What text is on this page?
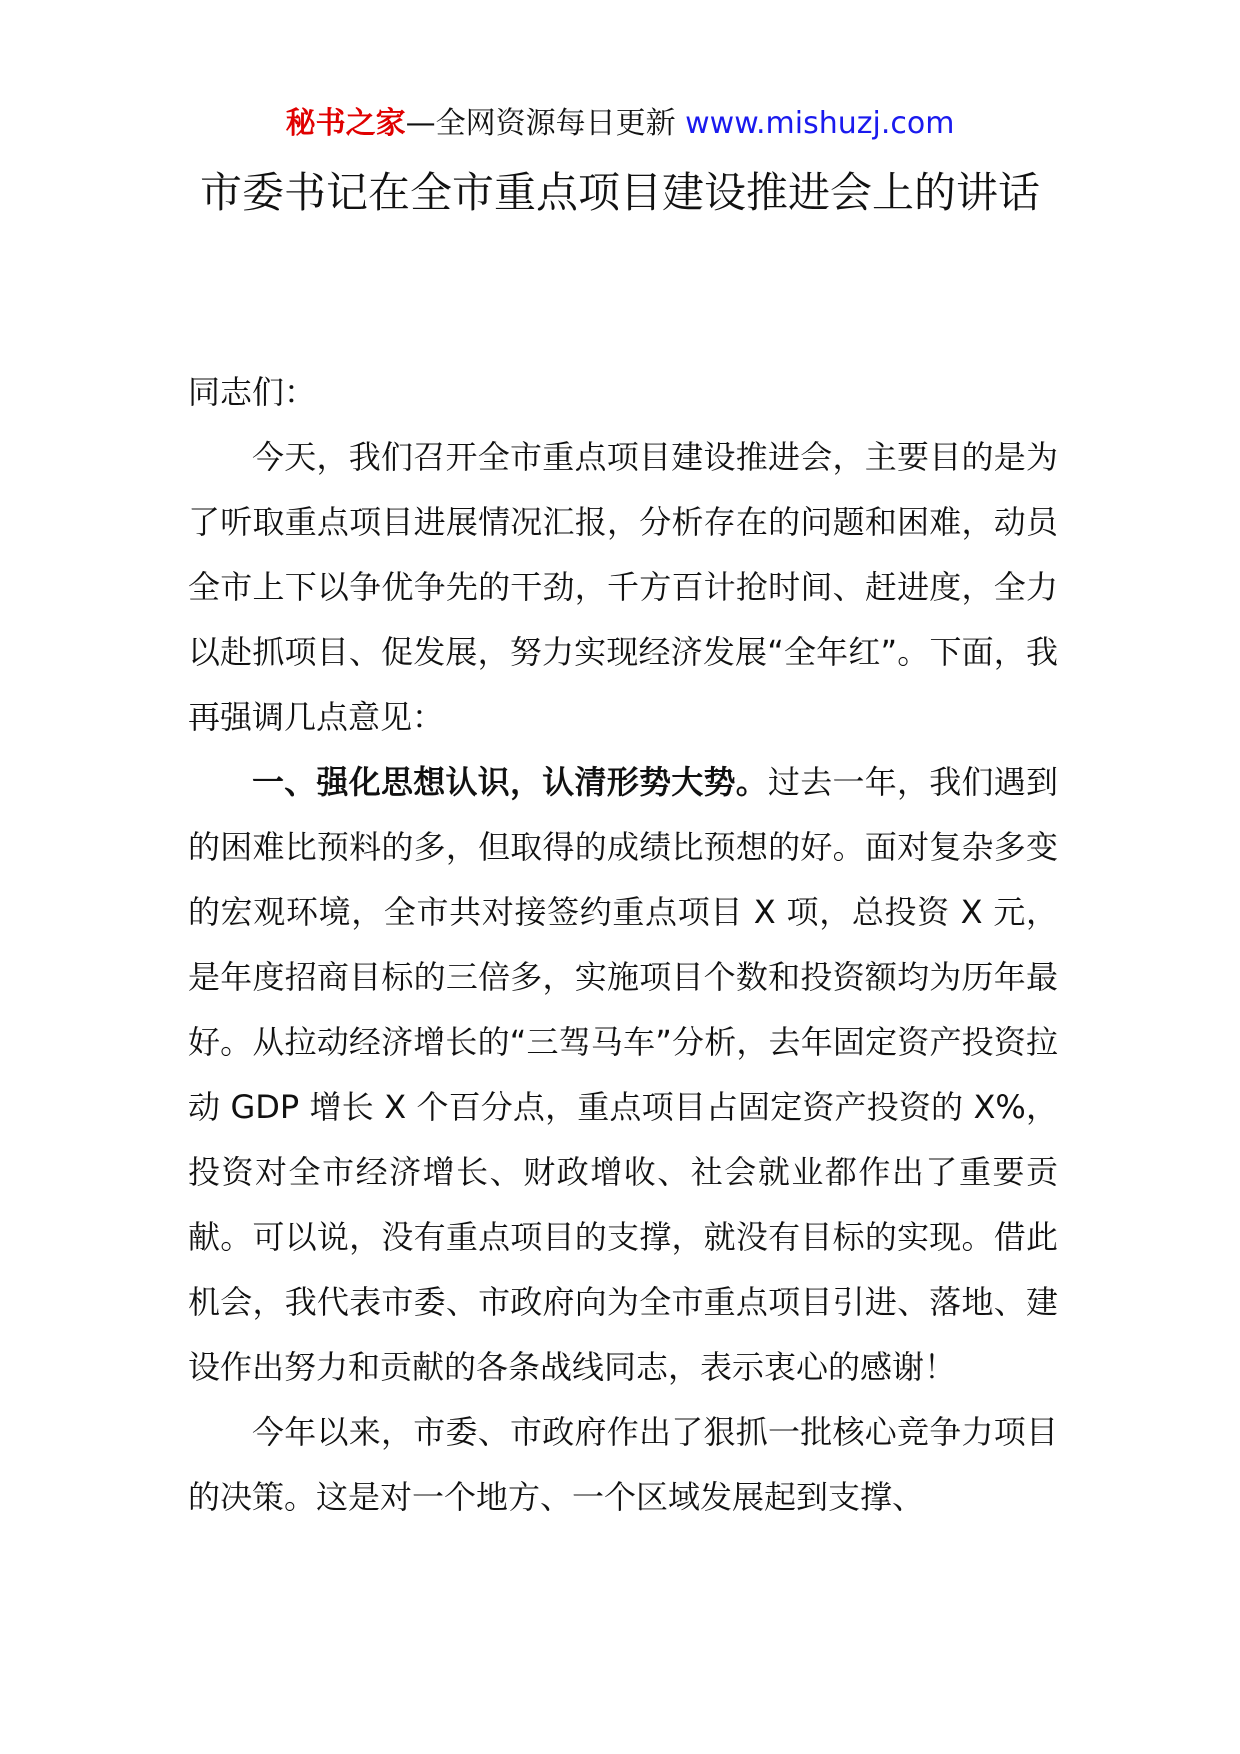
秘书之家—全网资源每日更新 www.mishuzj.com
市委书记在全市重点项目建设推进会上的讲话

同志们：

今天，我们召开全市重点项目建设推进会，主要目的是为了听取重点项目进展情况汇报，分析存在的问题和困难，动员全市上下以争优争先的干劲，千方百计抢时间、赶进度，全力以赴抓项目、促发展，努力实现经济发展“全年红”。下面，我再强调几点意见：

一、强化思想认识，认清形势大势。过去一年，我们遇到的困难比预料的多，但取得的成绩比预想的好。面对复杂多变的宏观环境，全市共对接签约重点项目 X 项，总投资 X 元，是年度招商目标的三倍多，实施项目个数和投资额均为历年最好。从拉动经济增长的“三驾马车”分析，去年固定资产投资拉动 GDP 增长 X 个百分点，重点项目占固定资产投资的 X%，投资对全市经济增长、财政增收、社会就业都作出了重要贡献。可以说，没有重点项目的支撑，就没有目标的实现。借此机会，我代表市委、市政府向为全市重点项目引进、落地、建设作出努力和贡献的各条战线同志，表示衷心的感谢！

今年以来，市委、市政府作出了狠抓一批核心竞争力项目的决策。这是对一个地方、一个区域发展起到支撑、
